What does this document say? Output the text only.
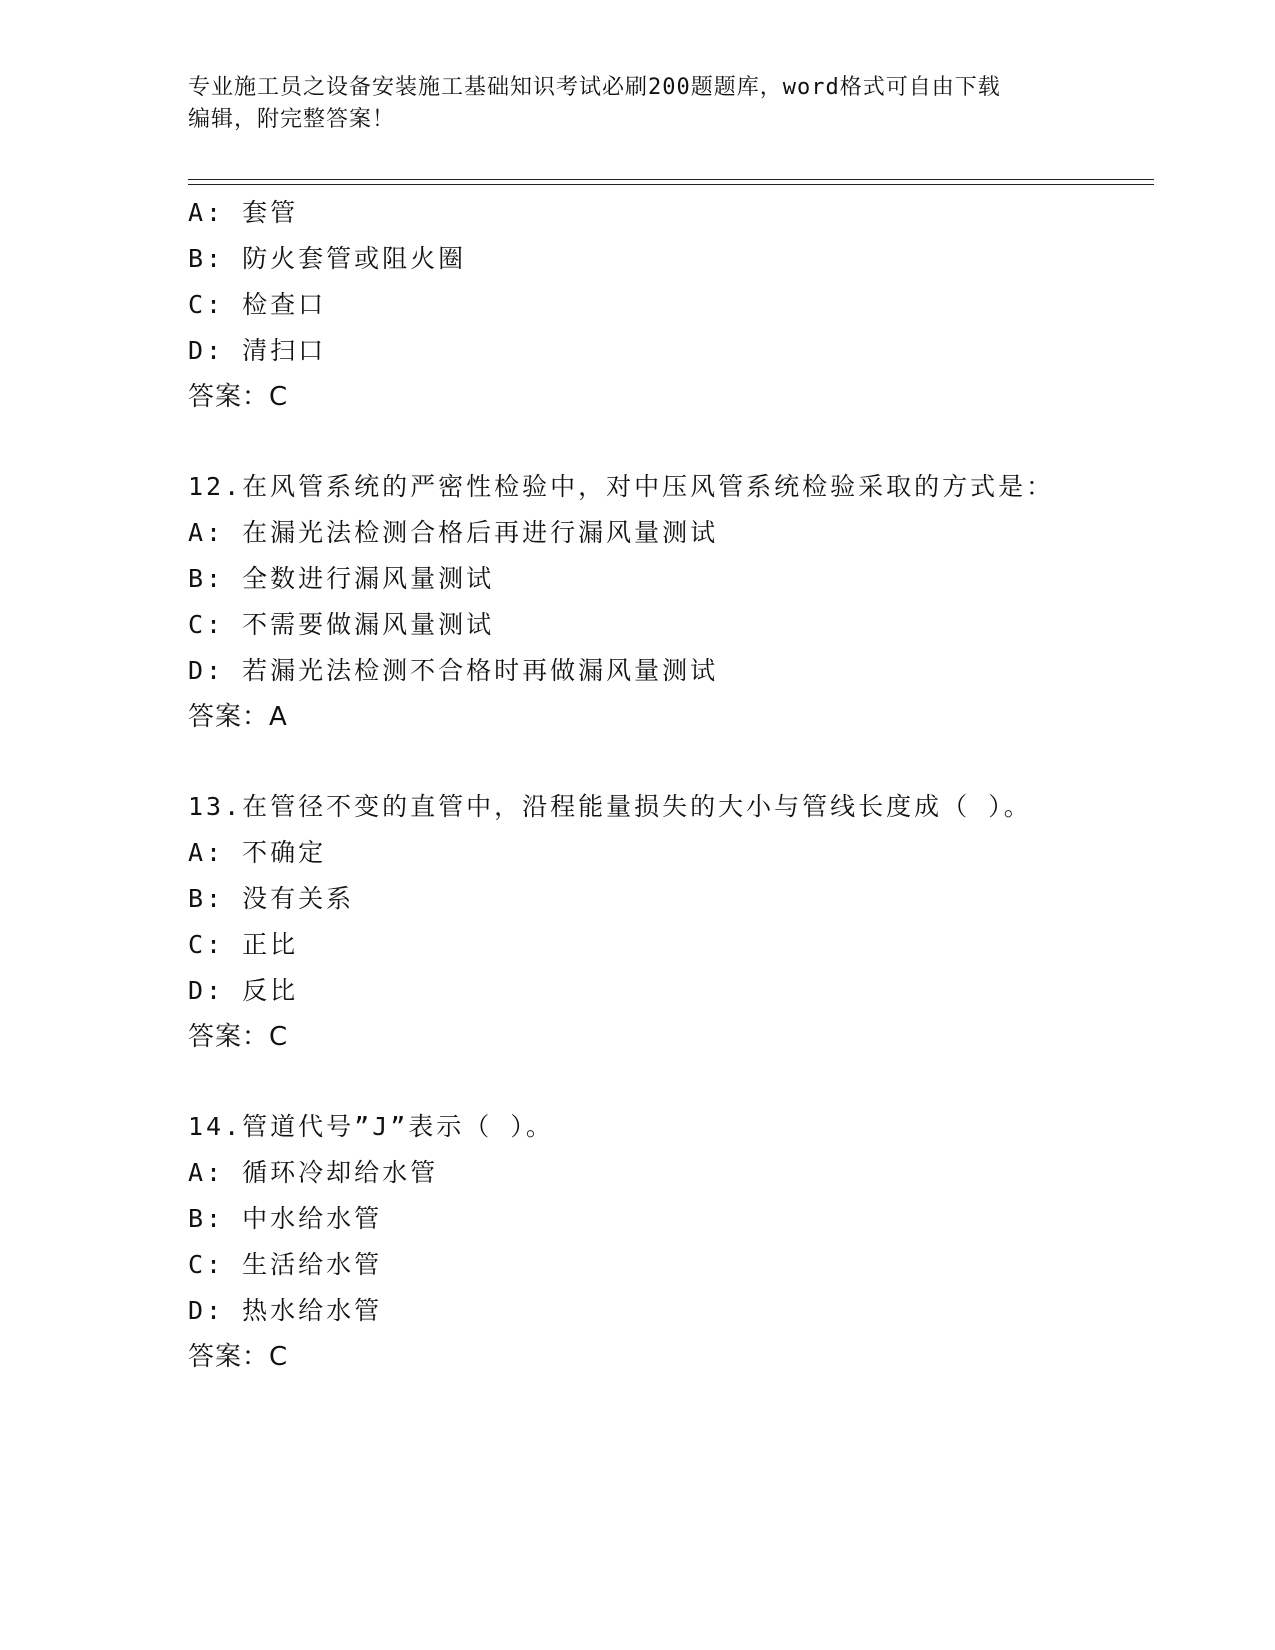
专业施工员之设备安装施工基础知识考试必刷200题题库，word格式可自由下载
编辑，附完整答案！
A: 套管
B: 防火套管或阻火圈
C: 检查口
D: 清扫口
答案：C
12.在风管系统的严密性检验中，对中压风管系统检验采取的方式是：
A: 在漏光法检测合格后再进行漏风量测试
B: 全数进行漏风量测试
C: 不需要做漏风量测试
D: 若漏光法检测不合格时再做漏风量测试
答案：A
13.在管径不变的直管中，沿程能量损失的大小与管线长度成（ ）。
A: 不确定
B: 没有关系
C: 正比
D: 反比
答案：C
14.管道代号”J”表示（ ）。
A: 循环冷却给水管
B: 中水给水管
C: 生活给水管
D: 热水给水管
答案：C
